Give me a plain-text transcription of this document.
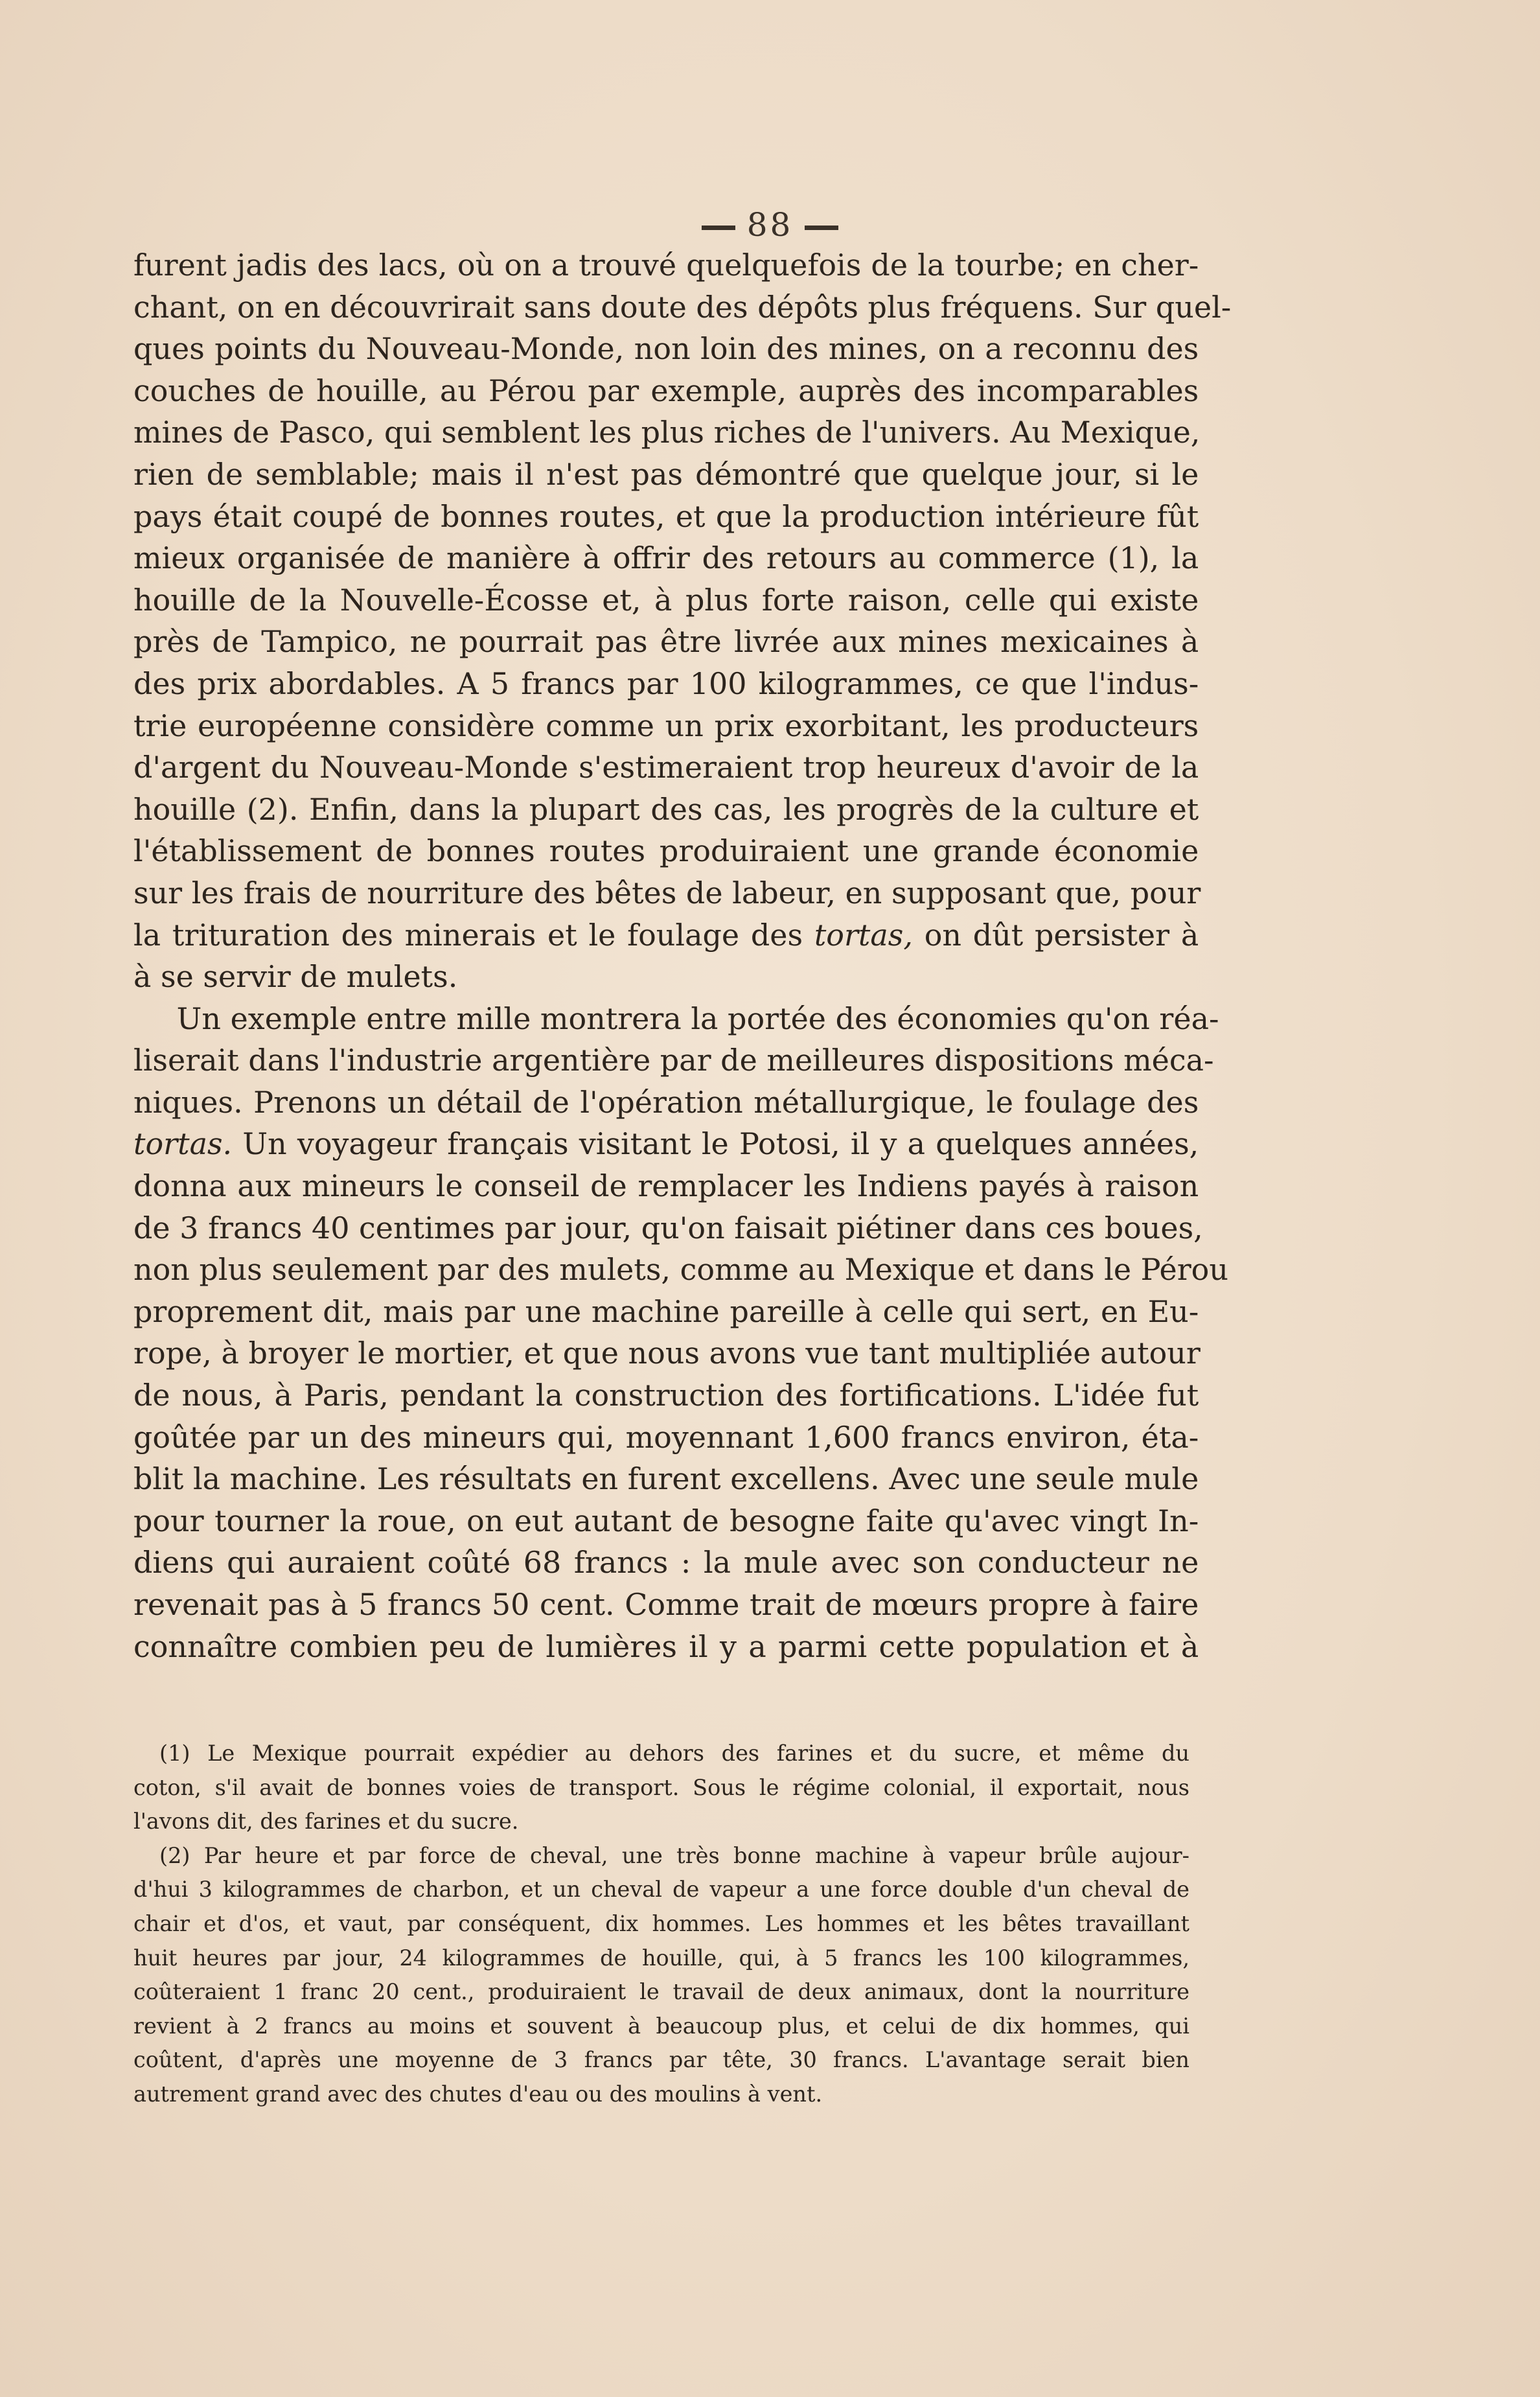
88
furent jadis des lacs, où on a trouvé quelquefois de la tourbe; en cher-
chant, on en découvrirait sans doute des dépôts plus fréquens. Sur quel-
ques points du Nouveau-Monde, non loin des mines, on a reconnu des
couches de houille, au Pérou par exemple, auprès des incomparables
mines de Pasco, qui semblent les plus riches de l'univers. Au Mexique,
rien de semblable; mais il n'est pas démontré que quelque jour, si le
pays était coupé de bonnes routes, et que la production intérieure fût
mieux organisée de manière à offrir des retours au commerce (1), la
houille de la Nouvelle-Écosse et, à plus forte raison, celle qui existe
près de Tampico, ne pourrait pas être livrée aux mines mexicaines à
des prix abordables. A 5 francs par 100 kilogrammes, ce que l'indus-
trie européenne considère comme un prix exorbitant, les producteurs
d'argent du Nouveau-Monde s'estimeraient trop heureux d'avoir de la
houille (2). Enfin, dans la plupart des cas, les progrès de la culture et
l'établissement de bonnes routes produiraient une grande économie
sur les frais de nourriture des bêtes de labeur, en supposant que, pour
la trituration des minerais et le foulage des tortas, on dût persister à
à se servir de mulets.
Un exemple entre mille montrera la portée des économies qu'on réa-
liserait dans l'industrie argentière par de meilleures dispositions méca-
niques. Prenons un détail de l'opération métallurgique, le foulage des
tortas. Un voyageur français visitant le Potosi, il y a quelques années,
donna aux mineurs le conseil de remplacer les Indiens payés à raison
de 3 francs 40 centimes par jour, qu'on faisait piétiner dans ces boues,
non plus seulement par des mulets, comme au Mexique et dans le Pérou
proprement dit, mais par une machine pareille à celle qui sert, en Eu-
rope, à broyer le mortier, et que nous avons vue tant multipliée autour
de nous, à Paris, pendant la construction des fortifications. L'idée fut
goûtée par un des mineurs qui, moyennant 1,600 francs environ, éta-
blit la machine. Les résultats en furent excellens. Avec une seule mule
pour tourner la roue, on eut autant de besogne faite qu'avec vingt In-
diens qui auraient coûté 68 francs : la mule avec son conducteur ne
revenait pas à 5 francs 50 cent. Comme trait de mœurs propre à faire
connaître combien peu de lumières il y a parmi cette population et à
(1) Le Mexique pourrait expédier au dehors des farines et du sucre, et même du
coton, s'il avait de bonnes voies de transport. Sous le régime colonial, il exportait, nous
l'avons dit, des farines et du sucre.
(2) Par heure et par force de cheval, une très bonne machine à vapeur brûle aujour-
d'hui 3 kilogrammes de charbon, et un cheval de vapeur a une force double d'un cheval de
chair et d'os, et vaut, par conséquent, dix hommes. Les hommes et les bêtes travaillant
huit heures par jour, 24 kilogrammes de houille, qui, à 5 francs les 100 kilogrammes,
coûteraient 1 franc 20 cent., produiraient le travail de deux animaux, dont la nourriture
revient à 2 francs au moins et souvent à beaucoup plus, et celui de dix hommes, qui
coûtent, d'après une moyenne de 3 francs par tête, 30 francs. L'avantage serait bien
autrement grand avec des chutes d'eau ou des moulins à vent.
